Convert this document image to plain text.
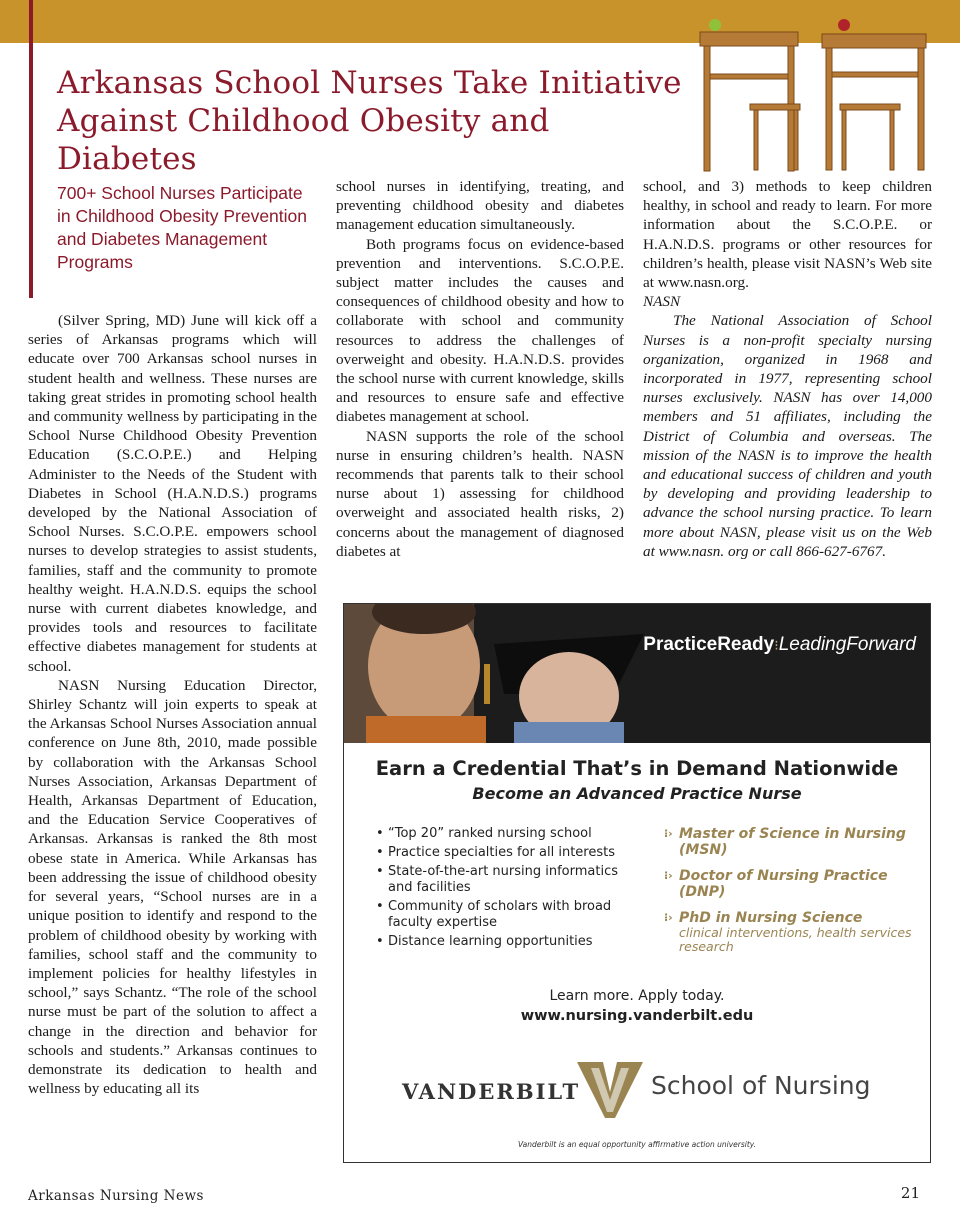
Arkansas School Nurses Take Initiative
Against Childhood Obesity and Diabetes
700+ School Nurses Participate
in Childhood Obesity Prevention
and Diabetes Management
Programs

(Silver Spring, MD) June will kick off a series of Arkansas programs which will educate over 700 Arkansas school nurses in student health and wellness. These nurses are taking great strides in promoting school health and community wellness by participating in the School Nurse Childhood Obesity Prevention Education (S.C.O.P.E.) and Helping Administer to the Needs of the Student with Diabetes in School (H.A.N.D.S.) programs developed by the National Association of School Nurses. S.C.O.P.E. empowers school nurses to develop strategies to assist students, families, staff and the community to promote healthy weight. H.A.N.D.S. equips the school nurse with current diabetes knowledge, and provides tools and resources to facilitate effective diabetes management for students at school.

NASN Nursing Education Director, Shirley Schantz will join experts to speak at the Arkansas School Nurses Association annual conference on June 8th, 2010, made possible by collaboration with the Arkansas School Nurses Association, Arkansas Department of Health, Arkansas Department of Education, and the Education Service Cooperatives of Arkansas. Arkansas is ranked the 8th most obese state in America. While Arkansas has been addressing the issue of childhood obesity for several years, “School nurses are in a unique position to identify and respond to the problem of childhood obesity by working with families, school staff and the community to implement policies for healthy lifestyles in school,” says Schantz. “The role of the school nurse must be part of the solution to affect a change in the direction and behavior for schools and students.” Arkansas continues to demonstrate its dedication to health and wellness by educating all its

school nurses in identifying, treating, and preventing childhood obesity and diabetes management education simultaneously.

Both programs focus on evidence-based prevention and interventions. S.C.O.P.E. subject matter includes the causes and consequences of childhood obesity and how to collaborate with school and community resources to address the challenges of overweight and obesity. H.A.N.D.S. provides the school nurse with current knowledge, skills and resources to ensure safe and effective diabetes management at school.

NASN supports the role of the school nurse in ensuring children’s health. NASN recommends that parents talk to their school nurse about 1) assessing for childhood overweight and associated health risks, 2) concerns about the management of diagnosed diabetes at

school, and 3) methods to keep children healthy, in school and ready to learn. For more information about the S.C.O.P.E. or H.A.N.D.S. programs or other resources for children’s health, please visit NASN’s Web site at www.nasn.org.

NASN

The National Association of School Nurses is a non-profit specialty nursing organization, organized in 1968 and incorporated in 1977, representing school nurses exclusively. NASN has over 14,000 members and 51 affiliates, including the District of Columbia and overseas. The mission of the NASN is to improve the health and educational success of children and youth by developing and providing leadership to advance the school nursing practice. To learn more about NASN, please visit us on the Web at www.nasn. org or call 866-627-6767.

PracticeReady⁝LeadingForward
Earn a Credential That’s in Demand Nationwide
Become an Advanced Practice Nurse
• “Top 20” ranked nursing school
• Practice specialties for all interests
• State-of-the-art nursing informatics and facilities
• Community of scholars with broad faculty expertise
• Distance learning opportunities
⁝› Master of Science in Nursing (MSN)
⁝› Doctor of Nursing Practice (DNP)
⁝› PhD in Nursing Science
clinical interventions, health services research
Learn more. Apply today.
www.nursing.vanderbilt.edu
VANDERBILT	School of Nursing
Vanderbilt is an equal opportunity affirmative action university.
Arkansas Nursing News	21
